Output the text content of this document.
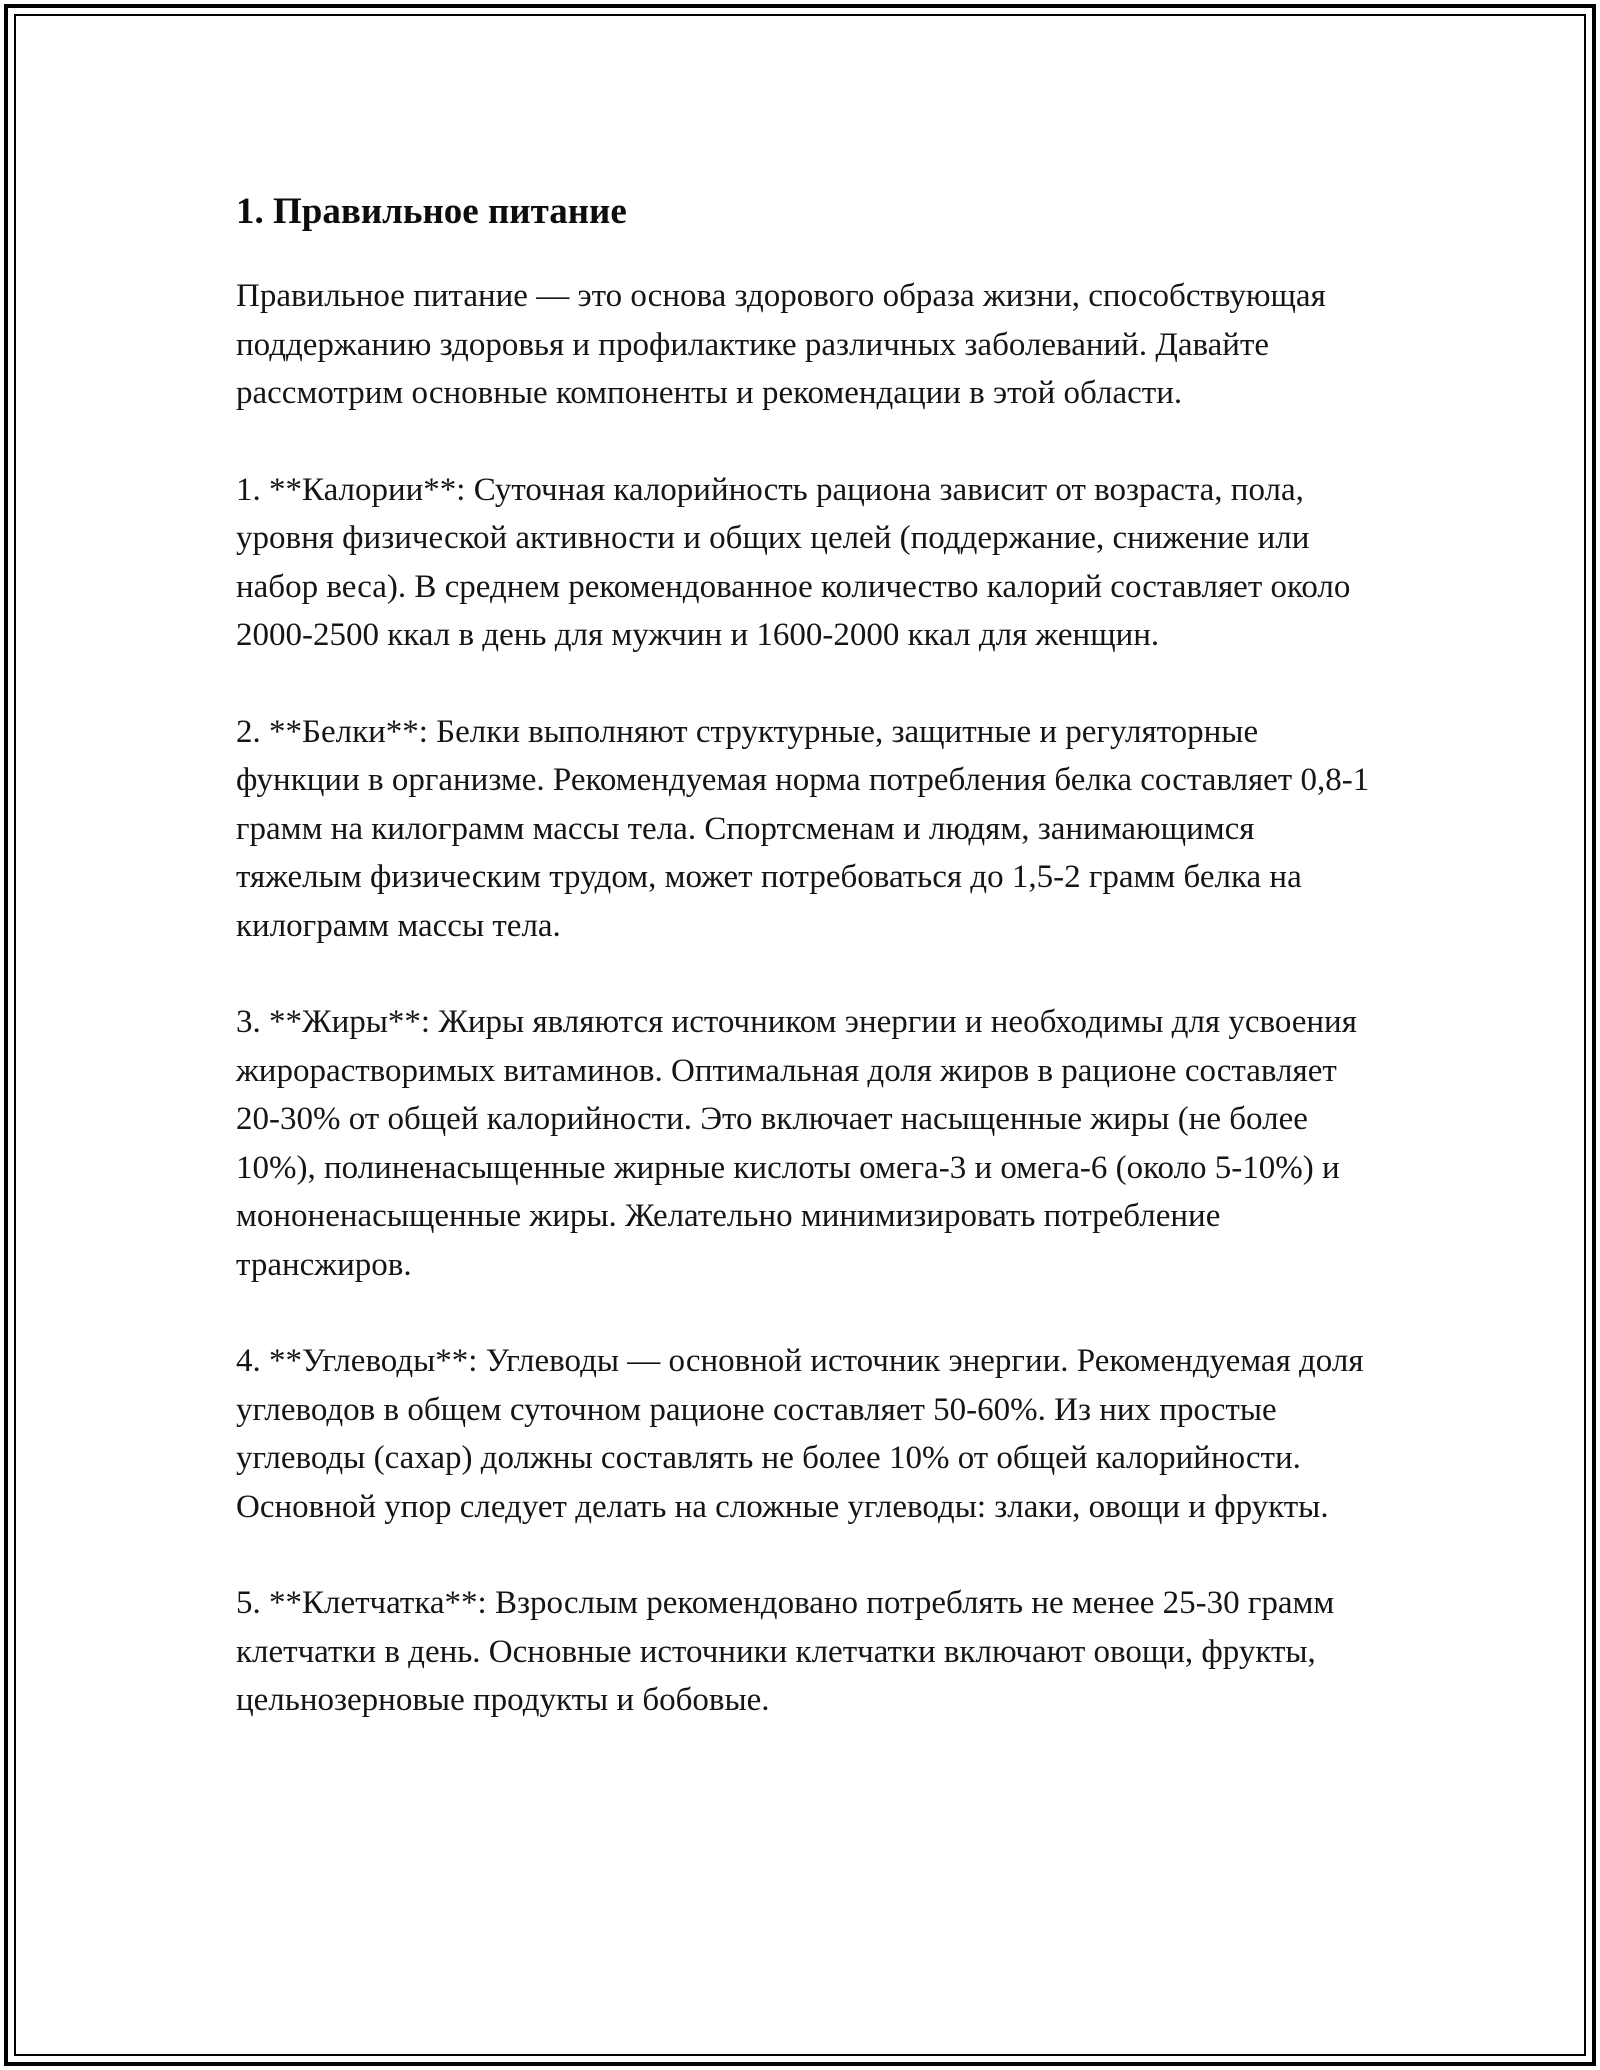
1. Правильное питание

Правильное питание — это основа здорового образа жизни, способствующая поддержанию здоровья и профилактике различных заболеваний. Давайте рассмотрим основные компоненты и рекомендации в этой области.

1. **Калории**: Суточная калорийность рациона зависит от возраста, пола, уровня физической активности и общих целей (поддержание, снижение или набор веса). В среднем рекомендованное количество калорий составляет около 2000-2500 ккал в день для мужчин и 1600-2000 ккал для женщин.

2. **Белки**: Белки выполняют структурные, защитные и регуляторные функции в организме. Рекомендуемая норма потребления белка составляет 0,8-1 грамм на килограмм массы тела. Спортсменам и людям, занимающимся тяжелым физическим трудом, может потребоваться до 1,5-2 грамм белка на килограмм массы тела.

3. **Жиры**: Жиры являются источником энергии и необходимы для усвоения жирорастворимых витаминов. Оптимальная доля жиров в рационе составляет 20-30% от общей калорийности. Это включает насыщенные жиры (не более 10%), полиненасыщенные жирные кислоты омега-3 и омега-6 (около 5-10%) и мононенасыщенные жиры. Желательно минимизировать потребление трансжиров.

4. **Углеводы**: Углеводы — основной источник энергии. Рекомендуемая доля углеводов в общем суточном рационе составляет 50-60%. Из них простые углеводы (сахар) должны составлять не более 10% от общей калорийности. Основной упор следует делать на сложные углеводы: злаки, овощи и фрукты.

5. **Клетчатка**: Взрослым рекомендовано потреблять не менее 25-30 грамм клетчатки в день. Основные источники клетчатки включают овощи, фрукты, цельнозерновые продукты и бобовые.
